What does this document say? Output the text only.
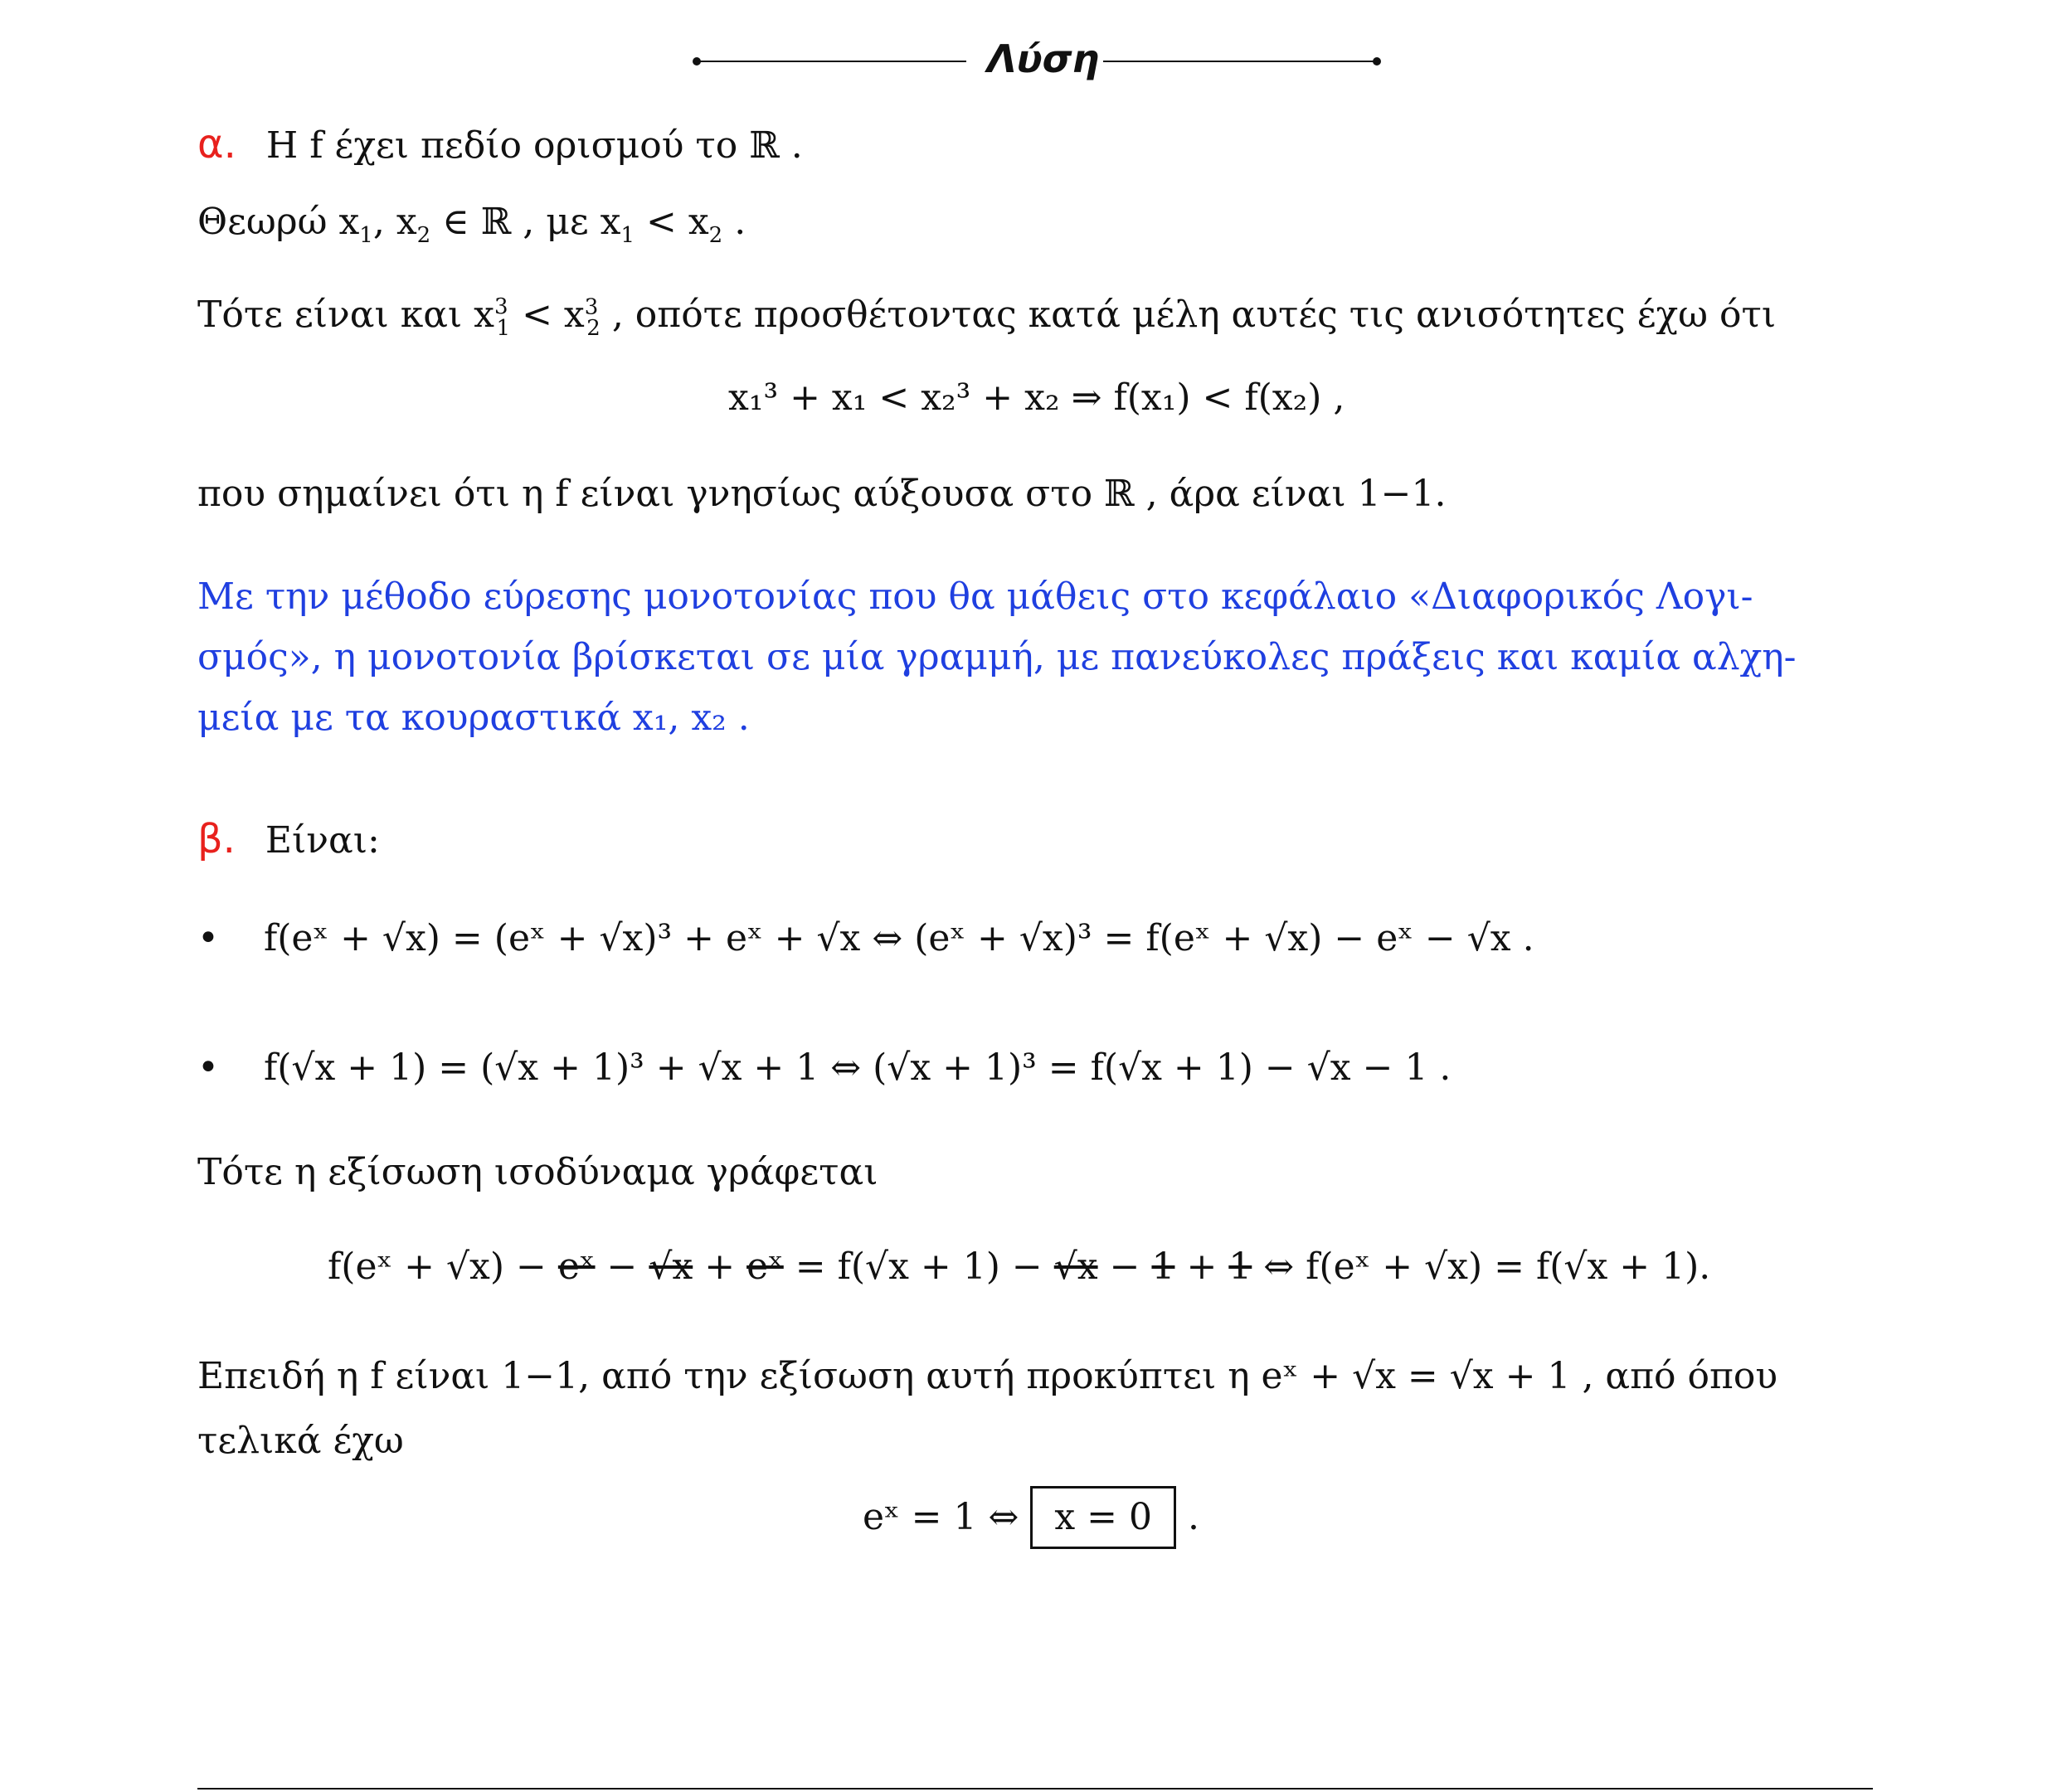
Λύση
α. Η f έχει πεδίο ορισμού το ℝ .
Θεωρώ $x_1$, $x_2$ ∈ ℝ , με $x_1 < x_2$ .
Τότε είναι και $x^3_1 < x^3_2$ , οπότε προσθέτοντας κατά μέλη αυτές τις ανισότητες έχω ότι
x₁³ + x₁ < x₂³ + x₂ ⇒ f(x₁) < f(x₂) ,
που σημαίνει ότι η f είναι γνησίως αύξουσα στο ℝ , άρα είναι 1−1.
Με την μέθοδο εύρεσης μονοτονίας που θα μάθεις στο κεφάλαιο «Διαφορικός Λογι-
σμός», η μονοτονία βρίσκεται σε μία γραμμή, με πανεύκολες πράξεις και καμία αλχη-
μεία με τα κουραστικά x₁, x₂ .
β. Είναι:
• f(eˣ + √x) = (eˣ + √x)³ + eˣ + √x ⇔ (eˣ + √x)³ = f(eˣ + √x) − eˣ − √x .
• f(√x + 1) = (√x + 1)³ + √x + 1 ⇔ (√x + 1)³ = f(√x + 1) − √x − 1 .
Τότε η εξίσωση ισοδύναμα γράφεται
f(eˣ + √x) − eˣ − √x + eˣ = f(√x + 1) − √x − 1 + 1 ⇔ f(eˣ + √x) = f(√x + 1).
Επειδή η f είναι 1−1, από την εξίσωση αυτή προκύπτει η eˣ + √x = √x + 1 , από όπου
τελικά έχω
eˣ = 1 ⇔ x = 0 .
